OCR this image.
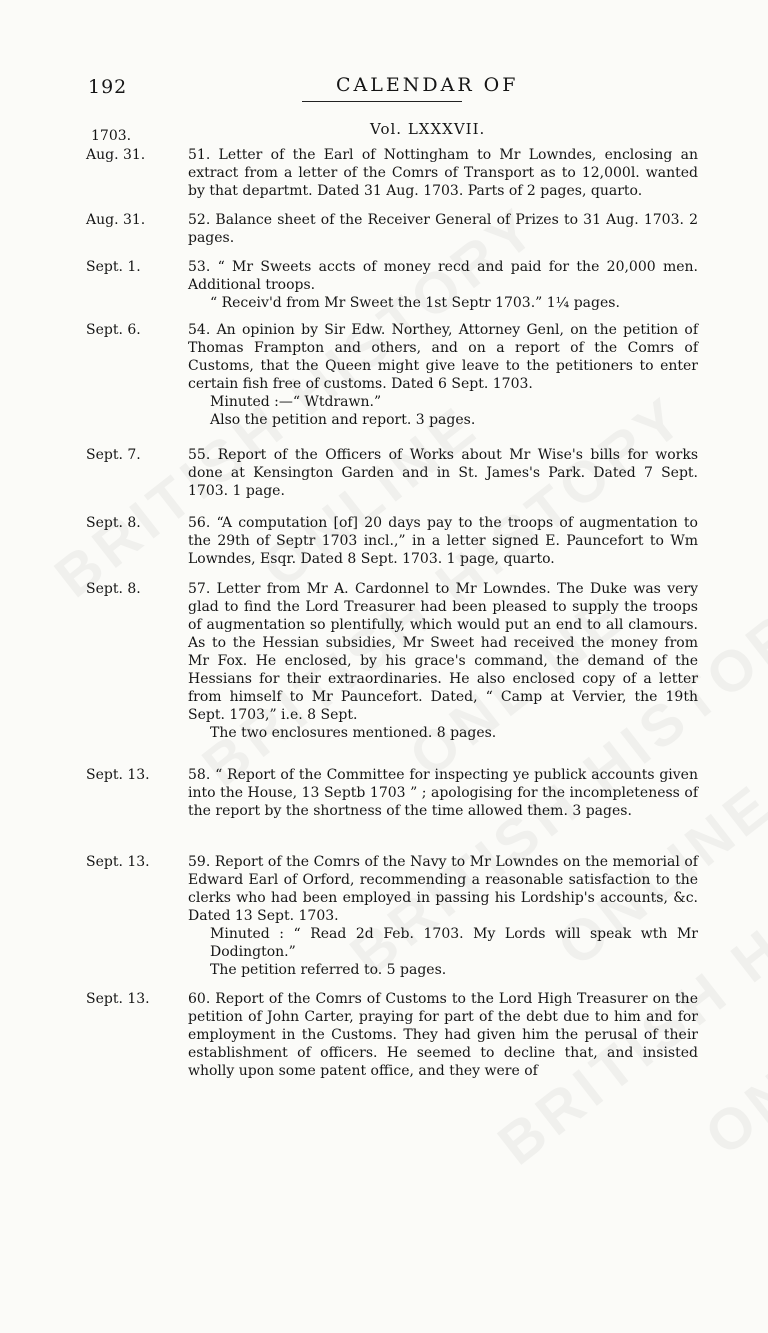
192	CALENDAR OF
Vol. LXXXVII.
1703.
Aug. 31.	51. Letter of the Earl of Nottingham to Mr Lowndes, enclosing an extract from a letter of the Comrs of Transport as to 12,000l. wanted by that departmt. Dated 31 Aug. 1703. Parts of 2 pages, quarto.

Aug. 31.	52. Balance sheet of the Receiver General of Prizes to 31 Aug. 1703. 2 pages.

Sept. 1.	53. “ Mr Sweets accts of money recd and paid for the 20,000 men. Additional troops.

“ Receiv'd from Mr Sweet the 1st Septr 1703.” 1¼ pages.

Sept. 6.	54. An opinion by Sir Edw. Northey, Attorney Genl, on the petition of Thomas Frampton and others, and on a report of the Comrs of Customs, that the Queen might give leave to the petitioners to enter certain fish free of customs. Dated 6 Sept. 1703.

Minuted :—“ Wtdrawn.”

Also the petition and report. 3 pages.

Sept. 7.	55. Report of the Officers of Works about Mr Wise's bills for works done at Kensington Garden and in St. James's Park. Dated 7 Sept. 1703. 1 page.

Sept. 8.	56. “A computation [of] 20 days pay to the troops of augmentation to the 29th of Septr 1703 incl.,” in a letter signed E. Pauncefort to Wm Lowndes, Esqr. Dated 8 Sept. 1703. 1 page, quarto.

Sept. 8.	57. Letter from Mr A. Cardonnel to Mr Lowndes. The Duke was very glad to find the Lord Treasurer had been pleased to supply the troops of augmentation so plentifully, which would put an end to all clamours. As to the Hessian subsidies, Mr Sweet had received the money from Mr Fox. He enclosed, by his grace's command, the demand of the Hessians for their extraordinaries. He also enclosed copy of a letter from himself to Mr Pauncefort. Dated, “ Camp at Vervier, the 19th Sept. 1703,” i.e. 8 Sept.

The two enclosures mentioned. 8 pages.

Sept. 13.	58. “ Report of the Committee for inspecting ye publick accounts given into the House, 13 Septb 1703 ” ; apologising for the incompleteness of the report by the shortness of the time allowed them. 3 pages.

Sept. 13.	59. Report of the Comrs of the Navy to Mr Lowndes on the memorial of Edward Earl of Orford, recommending a reasonable satisfaction to the clerks who had been employed in passing his Lordship's accounts, &c. Dated 13 Sept. 1703.

Minuted : “ Read 2d Feb. 1703. My Lords will speak wth Mr Dodington.”

The petition referred to. 5 pages.

Sept. 13.	60. Report of the Comrs of Customs to the Lord High Treasurer on the petition of John Carter, praying for part of the debt due to him and for employment in the Customs. They had given him the perusal of their establishment of officers. He seemed to decline that, and insisted wholly upon some patent office, and they were of
